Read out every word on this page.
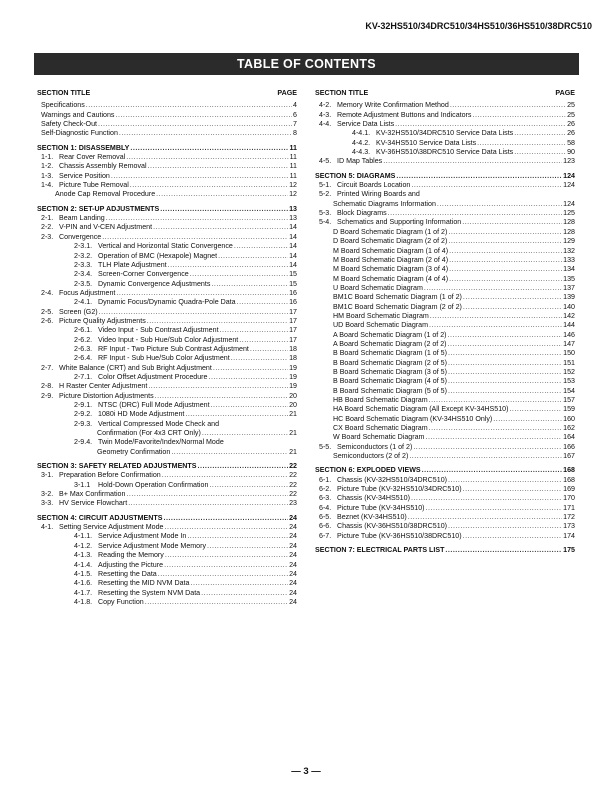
KV-32HS510/34DRC510/34HS510/36HS510/38DRC510
TABLE OF CONTENTS
SECTION TITLE	PAGE
Specifications .....	4
Warnings and Cautions .....	6
Safety Check-Out .....	7
Self-Diagnostic Function .....	8
SECTION 1: DISASSEMBLY .....	11
1-1. Rear Cover Removal .....	11
1-2. Chassis Assembly Removal .....	11
1-3. Service Position .....	11
1-4. Picture Tube Removal .....	12
Anode Cap Removal Procedure .....	12
SECTION 2: SET-UP ADJUSTMENTS .....	13
2-1. Beam Landing .....	13
2-2. V-PIN and V-CEN Adjustment .....	14
2-3. Convergence .....	14
2-3.1. Vertical and Horizontal Static Convergence .....	14
2-3.2. Operation of BMC (Hexapole) Magnet .....	14
2-3.3. TLH Plate Adjustment .....	14
2-3.4. Screen-Corner Convergence .....	15
2-3.5. Dynamic Convergence Adjustments .....	15
2-4. Focus Adjustment .....	16
2-4.1. Dynamic Focus/Dynamic Quadra-Pole Data .....	16
2-5. Screen (G2) .....	17
2-6. Picture Quality Adjustments .....	17
2-6.1. Video Input - Sub Contrast Adjustment .....	17
2-6.2. Video Input - Sub Hue/Sub Color Adjustment .....	17
2-6.3. RF Input - Two Picture Sub Contrast Adjustment .....	18
2-6.4. RF Input - Sub Hue/Sub Color Adjustment .....	18
2-7. White Balance (CRT) and Sub Bright Adjustment .....	19
2-7.1. Color Offset Adjustment Procedure .....	19
2-8. H Raster Center Adjustment .....	19
2-9. Picture Distortion Adjustments .....	20
2-9.1. NTSC (DRC) Full Mode Adjustment .....	20
2-9.2. 1080i HD Mode Adjustment .....	21
2-9.3. Vertical Compressed Mode Check and
Confirmation (For 4x3 CRT Only) .....	21
2-9.4. Twin Mode/Favorite/Index/Normal Mode
Geometry Confirmation .....	21
SECTION 3: SAFETY RELATED ADJUSTMENTS .....	22
3-1. Preparation Before Confirmation .....	22
3-1.1 Hold-Down Operation Confirmation .....	22
3-2. B+ Max Confirmation .....	22
3-3. HV Service Flowchart .....	23
SECTION 4: CIRCUIT ADJUSTMENTS .....	24
4-1. Setting Service Adjustment Mode .....	24
4-1.1. Service Adjustment Mode In .....	24
4-1.2. Service Adjustment Mode Memory .....	24
4-1.3. Reading the Memory .....	24
4-1.4. Adjusting the Picture .....	24
4-1.5. Resetting the Data .....	24
4-1.6. Resetting the MID NVM Data .....	24
4-1.7. Resetting the System NVM Data .....	24
4-1.8. Copy Function .....	24
SECTION TITLE	PAGE
4-2. Memory Write Confirmation Method .....	25
4-3. Remote Adjustment Buttons and Indicators .....	25
4-4. Service Data Lists .....	26
4-4.1. KV-32HS510/34DRC510 Service Data Lists .....	26
4-4.2. KV-34HS510 Service Data Lists .....	58
4-4.3. KV-36HS510\38DRC510 Service Data Lists .....	90
4-5. ID Map Tables .....	123
SECTION 5: DIAGRAMS .....	124
5-1. Circuit Boards Location .....	124
5-2. Printed Wiring Boards and
Schematic Diagrams Information .....	124
5-3. Block Diagrams .....	125
5-4. Schematics and Supporting Information .....	128
D Board Schematic Diagram (1 of 2) .....	128
D Board Schematic Diagram (2 of 2) .....	129
M Board Schematic Diagram (1 of 4) .....	132
M Board Schematic Diagram (2 of 4) .....	133
M Board Schematic Diagram (3 of 4) .....	134
M Board Schematic Diagram (4 of 4) .....	135
U Board Schematic Diagram .....	137
BM1C Board Schematic Diagram (1 of 2) .....	139
BM1C Board Schematic Diagram (2 of 2) .....	140
HM Board Schematic Diagram .....	142
UD Board Schematic Diagram .....	144
A Board Schematic Diagram (1 of 2) .....	146
A Board Schematic Diagram (2 of 2) .....	147
B Board Schematic Diagram (1 of 5) .....	150
B Board Schematic Diagram (2 of 5) .....	151
B Board Schematic Diagram (3 of 5) .....	152
B Board Schematic Diagram (4 of 5) .....	153
B Board Schematic Diagram (5 of 5) .....	154
HB Board Schematic Diagram .....	157
HA Board Schematic Diagram (All Except KV-34HS510) .....	159
HC Board Schematic Diagram (KV-34HS510 Only) .....	160
CX Board Schematic Diagram .....	162
W Board Schematic Diagram .....	164
5-5. Semiconductors (1 of 2) .....	166
Semiconductors (2 of 2) .....	167
SECTION 6: EXPLODED VIEWS .....	168
6-1. Chassis (KV-32HS510/34DRC510) .....	168
6-2. Picture Tube (KV-32HS510/34DRC510) .....	169
6-3. Chassis (KV-34HS510) .....	170
6-4. Picture Tube (KV-34HS510) .....	171
6-5. Beznet (KV-34HS510) .....	172
6-6. Chassis (KV-36HS510/38DRC510) .....	173
6-7. Picture Tube (KV-36HS510/38DRC510) .....	174
SECTION 7: ELECTRICAL PARTS LIST .....	175
— 3 —
